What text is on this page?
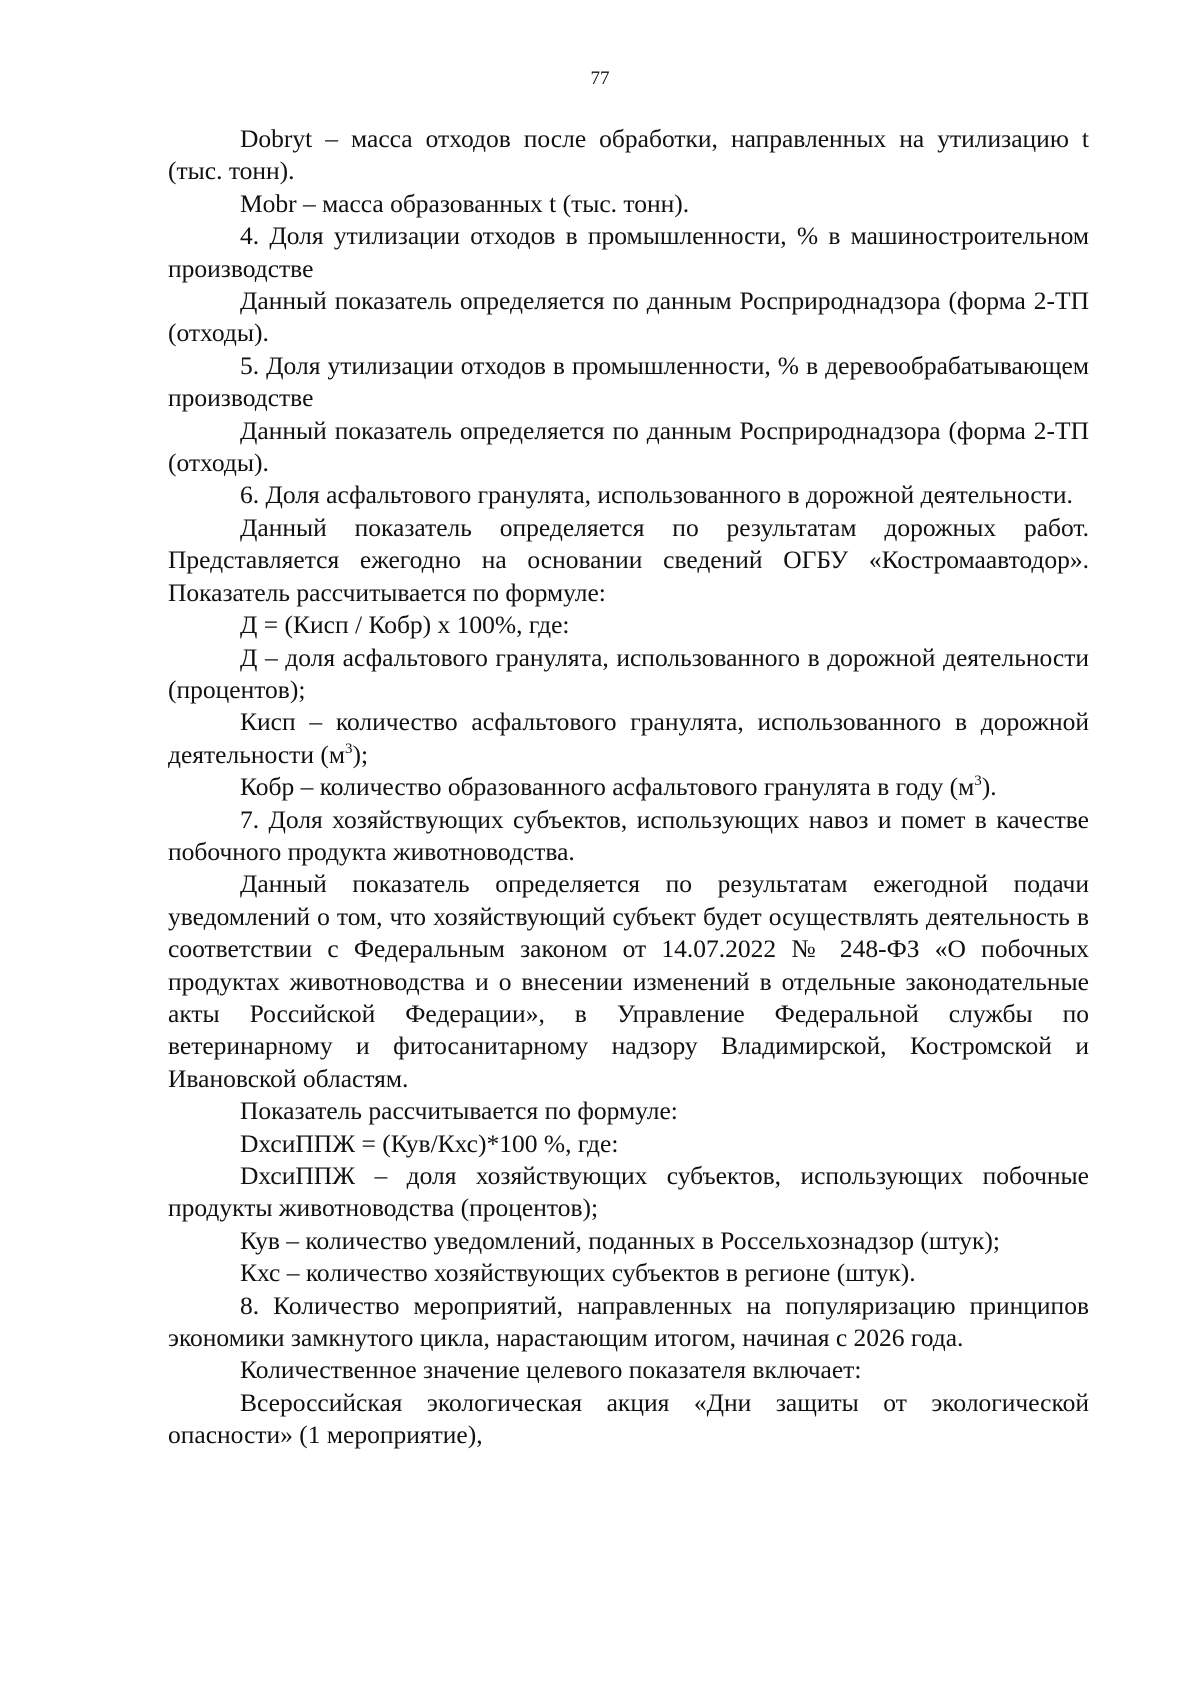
77

Dobryt – масса отходов после обработки, направленных на утилизацию t (тыс. тонн).

Mobr – масса образованных t (тыс. тонн).

4. Доля утилизации отходов в промышленности, % в машиностроительном производстве

Данный показатель определяется по данным Росприроднадзора (форма 2-ТП (отходы).

5. Доля утилизации отходов в промышленности, % в деревообрабатывающем производстве

Данный показатель определяется по данным Росприроднадзора (форма 2-ТП (отходы).

6. Доля асфальтового гранулята, использованного в дорожной деятельности.

Данный показатель определяется по результатам дорожных работ. Представляется ежегодно на основании сведений ОГБУ «Костромаавтодор». Показатель рассчитывается по формуле:

Д = (Кисп / Кобр) x 100%, где:

Д – доля асфальтового гранулята, использованного в дорожной деятельности (процентов);

Кисп – количество асфальтового гранулята, использованного в дорожной деятельности $(м^3)$;

Кобр – количество образованного асфальтового гранулята в году $(м^3)$.

7. Доля хозяйствующих субъектов, использующих навоз и помет в качестве побочного продукта животноводства.

Данный показатель определяется по результатам ежегодной подачи уведомлений о том, что хозяйствующий субъект будет осуществлять деятельность в соответствии с Федеральным законом от 14.07.2022 № 248-ФЗ «О побочных продуктах животноводства и о внесении изменений в отдельные законодательные акты Российской Федерации», в Управление Федеральной службы по ветеринарному и фитосанитарному надзору Владимирской, Костромской и Ивановской областям.

Показатель рассчитывается по формуле:

DхсиППЖ = (Кув/Кхс)*100 %, где:

DхсиППЖ – доля хозяйствующих субъектов, использующих побочные продукты животноводства (процентов);

Кув – количество уведомлений, поданных в Россельхознадзор (штук);

Кхс – количество хозяйствующих субъектов в регионе (штук).

8. Количество мероприятий, направленных на популяризацию принципов экономики замкнутого цикла, нарастающим итогом, начиная с 2026 года.

Количественное значение целевого показателя включает:

Всероссийская экологическая акция «Дни защиты от экологической опасности» (1 мероприятие),
